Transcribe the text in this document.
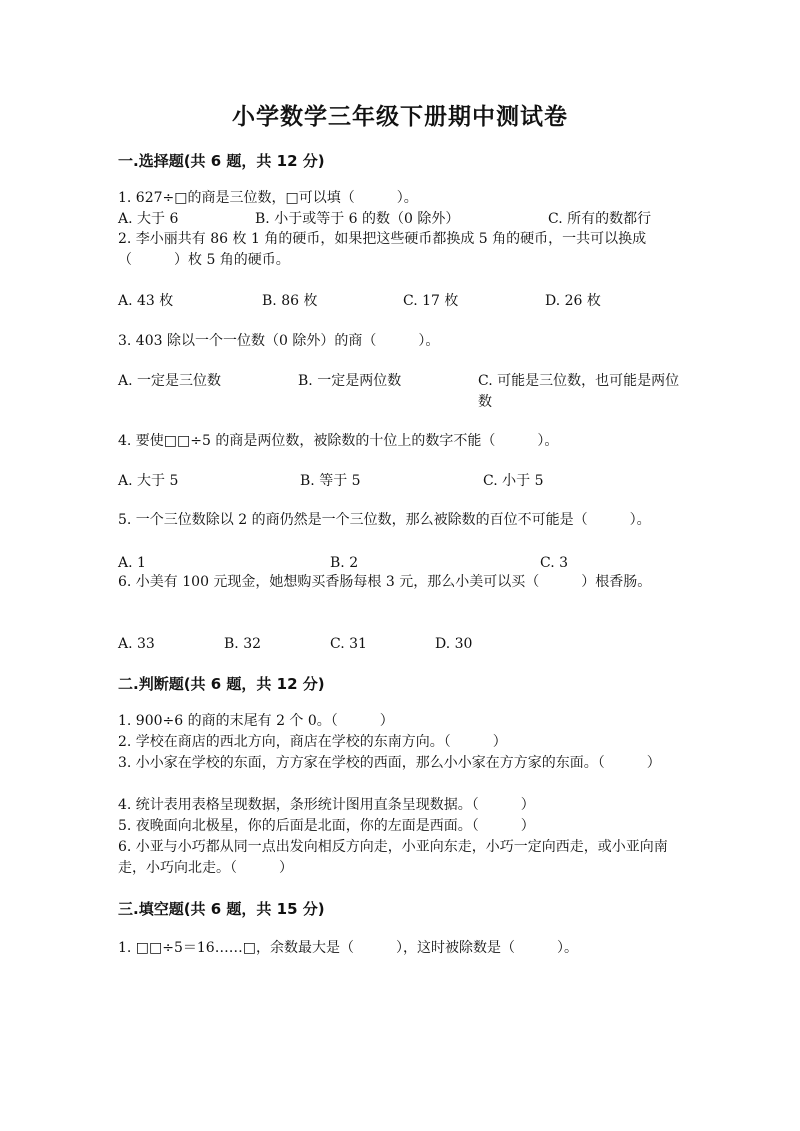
小学数学三年级下册期中测试卷
一.选择题(共 6 题，共 12 分)
1. 627÷□的商是三位数，□可以填（　　　）。
A. 大于 6	B. 小于或等于 6 的数（0 除外）	C. 所有的数都行
2. 李小丽共有 86 枚 1 角的硬币，如果把这些硬币都换成 5 角的硬币，一共可以换成（　　　）枚 5 角的硬币。
A. 43 枚	B. 86 枚	C. 17 枚	D. 26 枚
3. 403 除以一个一位数（0 除外）的商（　　　）。
A. 一定是三位数	B. 一定是两位数	C. 可能是三位数，也可能是两位数
4. 要使□□÷5 的商是两位数，被除数的十位上的数字不能（　　　）。
A. 大于 5	B. 等于 5	C. 小于 5
5. 一个三位数除以 2 的商仍然是一个三位数，那么被除数的百位不可能是（　　　）。
A. 1	B. 2	C. 3
6. 小美有 100 元现金，她想购买香肠每根 3 元，那么小美可以买（　　　）根香肠。
A. 33	B. 32	C. 31	D. 30
二.判断题(共 6 题，共 12 分)
1. 900÷6 的商的末尾有 2 个 0。（　　　）
2. 学校在商店的西北方向，商店在学校的东南方向。（　　　）
3. 小小家在学校的东面，方方家在学校的西面，那么小小家在方方家的东面。（　　　）
4. 统计表用表格呈现数据，条形统计图用直条呈现数据。（　　　）
5. 夜晚面向北极星，你的后面是北面，你的左面是西面。（　　　）
6. 小亚与小巧都从同一点出发向相反方向走，小亚向东走，小巧一定向西走，或小亚向南走，小巧向北走。（　　　）
三.填空题(共 6 题，共 15 分)
1. □□÷5＝16……□，余数最大是（　　　），这时被除数是（　　　）。
